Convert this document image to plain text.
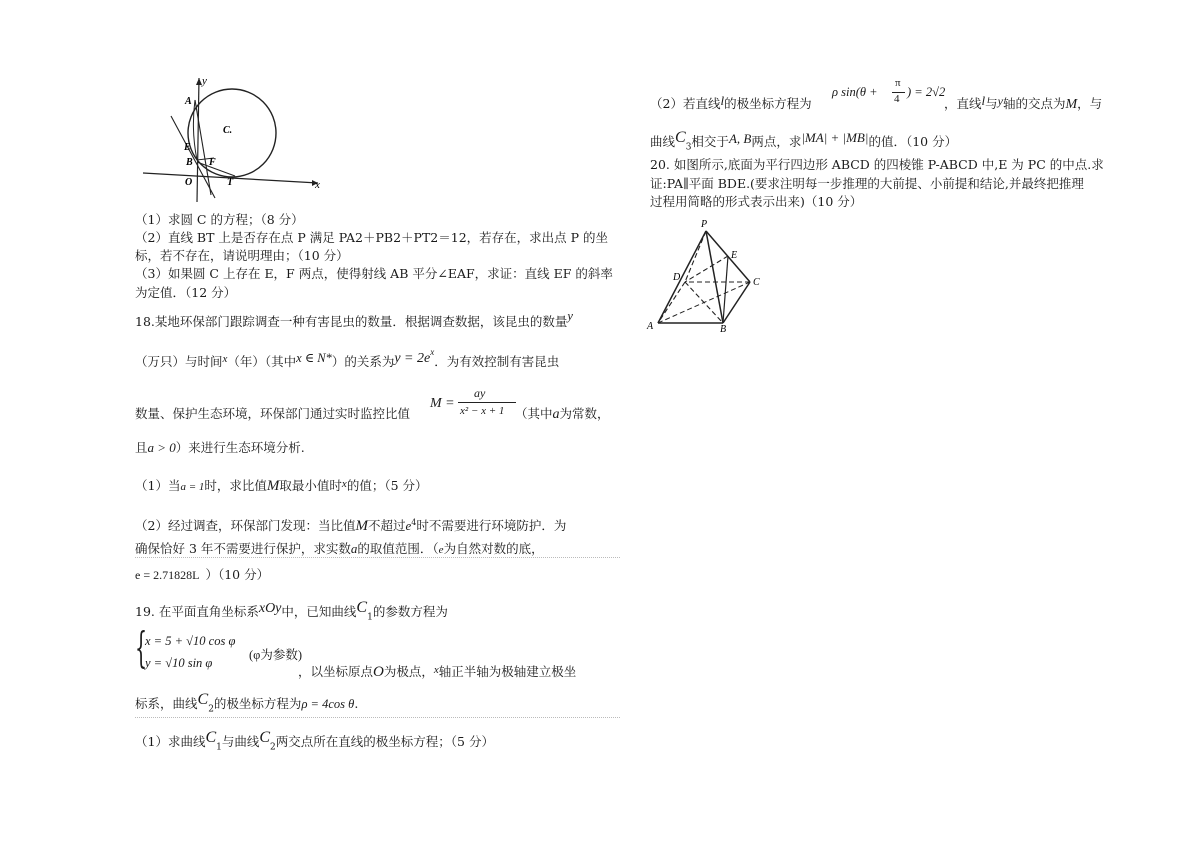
y
x
A
C.
E
B F
O	T
（1）求圆 C 的方程；（8 分）
（2）直线 BT 上是否存在点 P 满足 PA2＋PB2＋PT2＝12，若存在，求出点 P 的坐
标，若不存在，请说明理由；（10 分）
（3）如果圆 C 上存在 E，F 两点，使得射线 AB 平分∠EAF，求证：直线 EF 的斜率
为定值．（12 分）
18.某地环保部门跟踪调查一种有害昆虫的数量．根据调查数据，该昆虫的数量y
（万只）与时间x（年）（其中x ∈ N*）的关系为$y = 2e^x$．为有效控制有害昆虫
M =
ay
x² − x + 1
数量、保护生态环境，环保部门通过实时监控比值	（其中a为常数，
且a > 0）来进行生态环境分析.
（1）当a = 1时，求比值M取最小值时x的值；（5 分）
（2）经过调查，环保部门发现：当比值M不超过$e^4$时不需要进行环境防护．为
确保恰好 3 年不需要进行保护，求实数a的取值范围．（e为自然对数的底，
e = 2.71828L ）（10 分）
19. 在平面直角坐标系xOy中，已知曲线$C_1$的参数方程为
{
x = 5 + √10 cos φ
y = √10 sin φ
(φ为参数)
，以坐标原点O为极点，x轴正半轴为极轴建立极坐
标系，曲线$C_2$的极坐标方程为ρ = 4cos θ.
（1）求曲线$C_1$与曲线$C_2$两交点所在直线的极坐标方程；（5 分）
（2）若直线l的极坐标方程为
ρ sin(θ +
π
4 ) = 2√2
，直线l与y轴的交点为M，与
曲线$C_3$相交于A, B两点，求|MA| + |MB|的值．（10 分）
20. 如图所示,底面为平行四边形 ABCD 的四棱锥 P-ABCD 中,E 为 PC 的中点.求
证:PA∥平面 BDE.(要求注明每一步推理的大前提、小前提和结论,并最终把推理
过程用简略的形式表示出来)（10 分）
P
E
D	C
A	B
